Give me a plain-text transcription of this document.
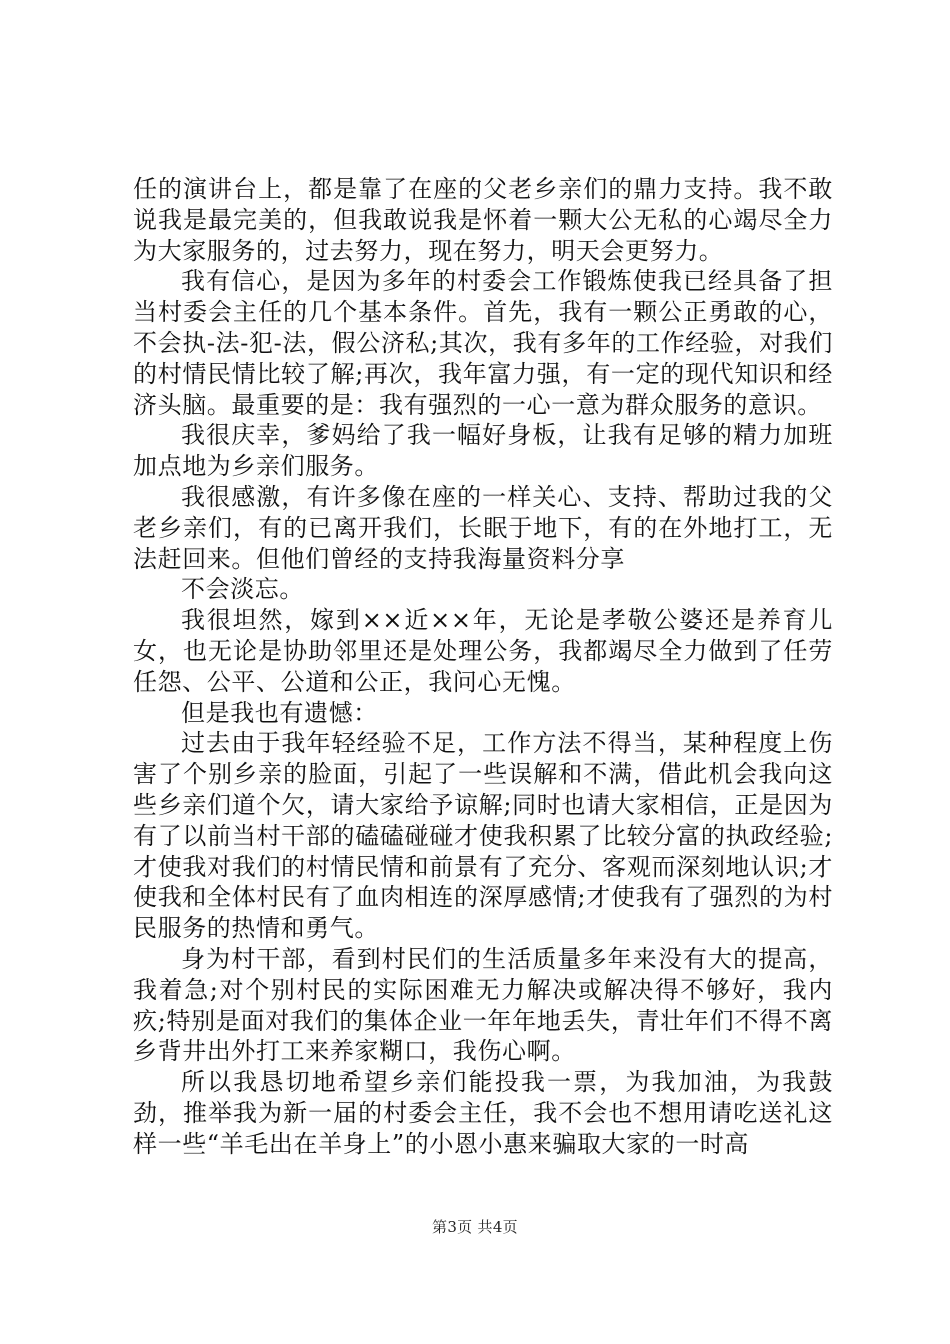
任的演讲台上，都是靠了在座的父老乡亲们的鼎力支持。我不敢说我是最完美的，但我敢说我是怀着一颗大公无私的心竭尽全力为大家服务的，过去努力，现在努力，明天会更努力。

我有信心，是因为多年的村委会工作锻炼使我已经具备了担当村委会主任的几个基本条件。首先，我有一颗公正勇敢的心，不会执-法-犯-法，假公济私;其次，我有多年的工作经验，对我们的村情民情比较了解;再次，我年富力强，有一定的现代知识和经济头脑。最重要的是：我有强烈的一心一意为群众服务的意识。

我很庆幸，爹妈给了我一幅好身板，让我有足够的精力加班加点地为乡亲们服务。

我很感激，有许多像在座的一样关心、支持、帮助过我的父老乡亲们，有的已离开我们，长眠于地下，有的在外地打工，无法赶回来。但他们曾经的支持我海量资料分享

不会淡忘。

我很坦然，嫁到××近××年，无论是孝敬公婆还是养育儿女，也无论是协助邻里还是处理公务，我都竭尽全力做到了任劳任怨、公平、公道和公正，我问心无愧。

但是我也有遗憾：

过去由于我年轻经验不足，工作方法不得当，某种程度上伤害了个别乡亲的脸面，引起了一些误解和不满，借此机会我向这些乡亲们道个欠，请大家给予谅解;同时也请大家相信，正是因为有了以前当村干部的磕磕碰碰才使我积累了比较分富的执政经验;才使我对我们的村情民情和前景有了充分、客观而深刻地认识;才使我和全体村民有了血肉相连的深厚感情;才使我有了强烈的为村民服务的热情和勇气。

身为村干部，看到村民们的生活质量多年来没有大的提高，我着急;对个别村民的实际困难无力解决或解决得不够好，我内疚;特别是面对我们的集体企业一年年地丢失，青壮年们不得不离乡背井出外打工来养家糊口，我伤心啊。

所以我恳切地希望乡亲们能投我一票，为我加油，为我鼓劲，推举我为新一届的村委会主任，我不会也不想用请吃送礼这样一些“羊毛出在羊身上”的小恩小惠来骗取大家的一时高

第3页 共4页
